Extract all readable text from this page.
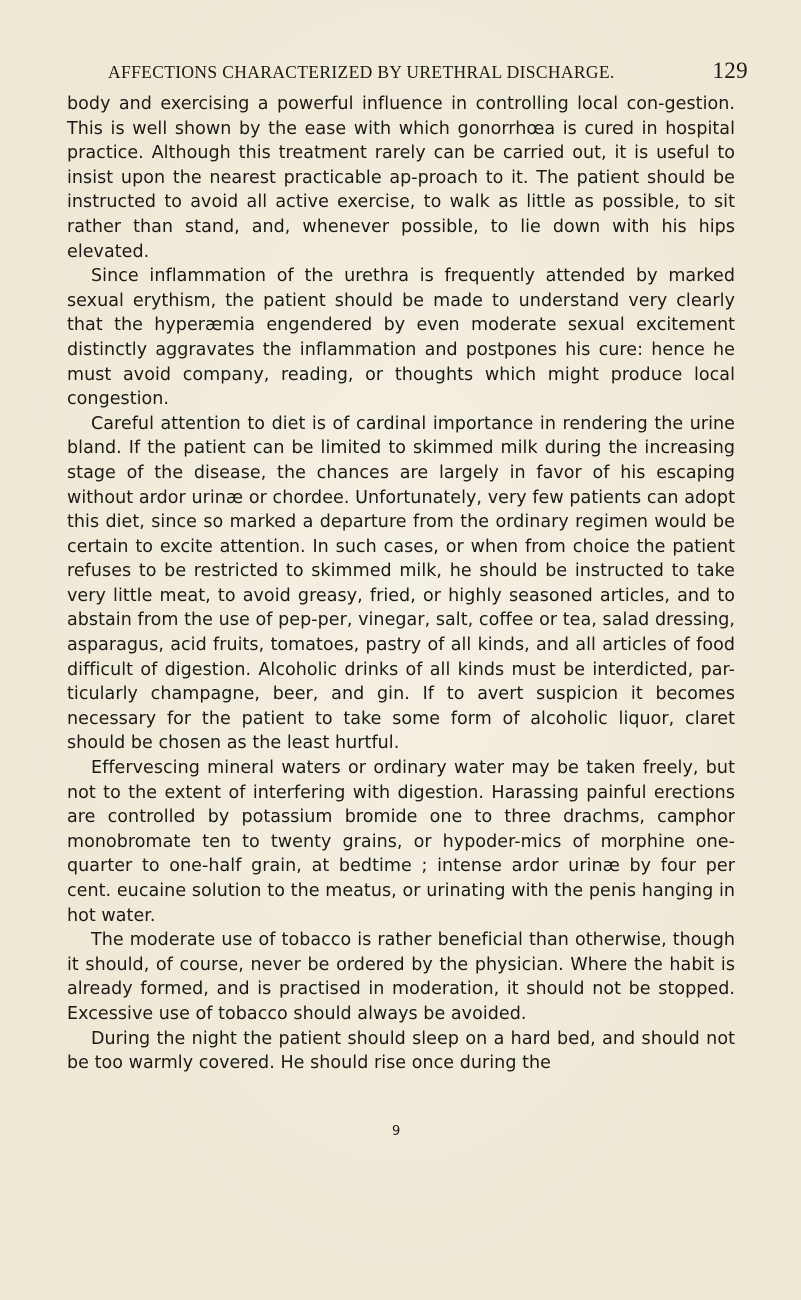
AFFECTIONS CHARACTERIZED BY URETHRAL DISCHARGE.	129

body and exercising a powerful influence in controlling local con-gestion. This is well shown by the ease with which gonorrhœa is cured in hospital practice. Although this treatment rarely can be carried out, it is useful to insist upon the nearest practicable ap-proach to it. The patient should be instructed to avoid all active exercise, to walk as little as possible, to sit rather than stand, and, whenever possible, to lie down with his hips elevated.

Since inflammation of the urethra is frequently attended by marked sexual erythism, the patient should be made to understand very clearly that the hyperæmia engendered by even moderate sexual excitement distinctly aggravates the inflammation and postpones his cure: hence he must avoid company, reading, or thoughts which might produce local congestion.

Careful attention to diet is of cardinal importance in rendering the urine bland. If the patient can be limited to skimmed milk during the increasing stage of the disease, the chances are largely in favor of his escaping without ardor urinæ or chordee. Unfortunately, very few patients can adopt this diet, since so marked a departure from the ordinary regimen would be certain to excite attention. In such cases, or when from choice the patient refuses to be restricted to skimmed milk, he should be instructed to take very little meat, to avoid greasy, fried, or highly seasoned articles, and to abstain from the use of pep-per, vinegar, salt, coffee or tea, salad dressing, asparagus, acid fruits, tomatoes, pastry of all kinds, and all articles of food difficult of digestion. Alcoholic drinks of all kinds must be interdicted, par-ticularly champagne, beer, and gin. If to avert suspicion it becomes necessary for the patient to take some form of alcoholic liquor, claret should be chosen as the least hurtful.

Effervescing mineral waters or ordinary water may be taken freely, but not to the extent of interfering with digestion. Harassing painful erections are controlled by potassium bromide one to three drachms, camphor monobromate ten to twenty grains, or hypoder-mics of morphine one-quarter to one-half grain, at bedtime ; intense ardor urinæ by four per cent. eucaine solution to the meatus, or urinating with the penis hanging in hot water.

The moderate use of tobacco is rather beneficial than otherwise, though it should, of course, never be ordered by the physician. Where the habit is already formed, and is practised in moderation, it should not be stopped. Excessive use of tobacco should always be avoided.

During the night the patient should sleep on a hard bed, and should not be too warmly covered. He should rise once during the

9
